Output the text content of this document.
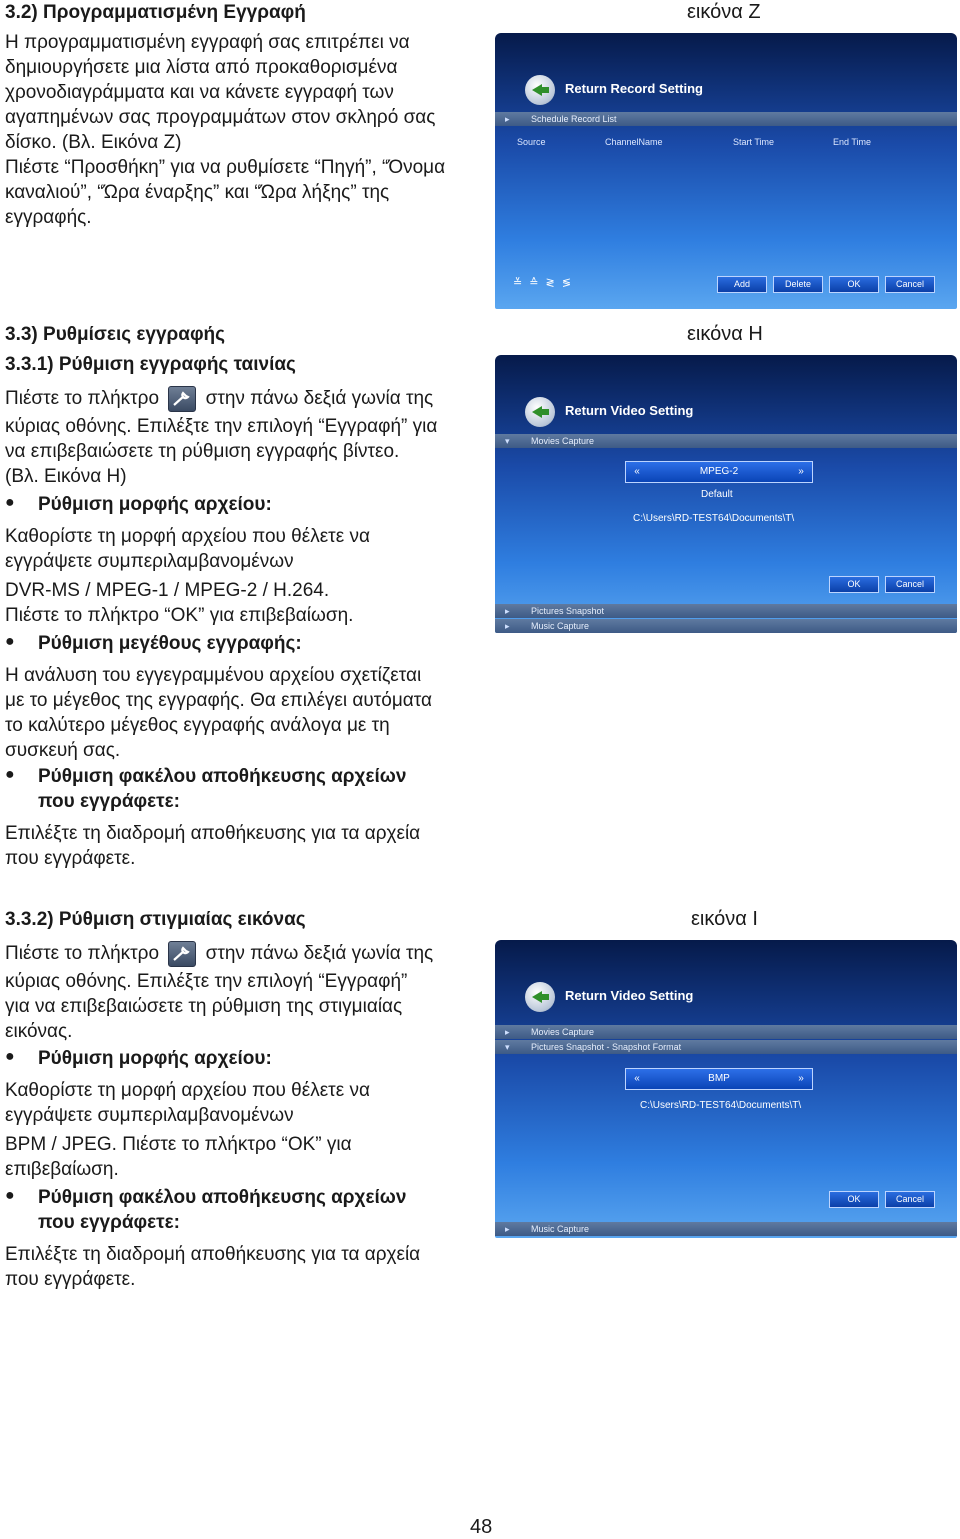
3.2) Προγραμματισμένη Εγγραφή	εικόνα Ζ
Η προγραμματισμένη εγγραφή σας επιτρέπει να
δημιουργήσετε μια λίστα από προκαθορισμένα
χρονοδιαγράμματα και να κάνετε εγγραφή των
αγαπημένων σας προγραμμάτων στον σκληρό σας
δίσκο. (Βλ. Εικόνα Ζ)
Πιέστε “Προσθήκη” για να ρυθμίσετε “Πηγή”, “Όνομα
καναλιού”, “Ώρα έναρξης” και “Ώρα λήξης” της
εγγραφής.
Return Record Setting
▸ Schedule Record List
Source	ChannelName	Start Time	End Time
≚ ≙ ≷ ≶	Add	Delete	OK	Cancel
3.3) Ρυθμίσεις εγγραφής	εικόνα Η
3.3.1) Ρύθμιση εγγραφής ταινίας
Πιέστε το πλήκτρο στην πάνω δεξιά γωνία της
κύριας οθόνης. Επιλέξτε την επιλογή “Εγγραφή” για
να επιβεβαιώσετε τη ρύθμιση εγγραφής βίντεο.
(Βλ. Εικόνα Η)
● Ρύθμιση μορφής αρχείου:
Καθορίστε τη μορφή αρχείου που θέλετε να
εγγράψετε συμπεριλαμβανομένων
DVR-MS / MPEG-1 / MPEG-2 / H.264.
Πιέστε το πλήκτρο “OK” για επιβεβαίωση.
● Ρύθμιση μεγέθους εγγραφής:
Η ανάλυση του εγγεγραμμένου αρχείου σχετίζεται
με το μέγεθος της εγγραφής. Θα επιλέγει αυτόματα
το καλύτερο μέγεθος εγγραφής ανάλογα με τη
συσκευή σας.
● Ρύθμιση φακέλου αποθήκευσης αρχείων
που εγγράφετε:
Επιλέξτε τη διαδρομή αποθήκευσης για τα αρχεία
που εγγράφετε.
Return Video Setting
▾ Movies Capture
«	MPEG-2	»
Default
C:\Users\RD-TEST64\Documents\T\
OK	Cancel
▸ Pictures Snapshot
▸ Music Capture
3.3.2) Ρύθμιση στιγμιαίας εικόνας	εικόνα Ι
Πιέστε το πλήκτρο στην πάνω δεξιά γωνία της
κύριας οθόνης. Επιλέξτε την επιλογή “Εγγραφή”
για να επιβεβαιώσετε τη ρύθμιση της στιγμιαίας
εικόνας.
● Ρύθμιση μορφής αρχείου:
Καθορίστε τη μορφή αρχείου που θέλετε να
εγγράψετε συμπεριλαμβανομένων
BPM / JPEG. Πιέστε το πλήκτρο “OK” για
επιβεβαίωση.
● Ρύθμιση φακέλου αποθήκευσης αρχείων
που εγγράφετε:
Επιλέξτε τη διαδρομή αποθήκευσης για τα αρχεία
που εγγράφετε.
Return Video Setting
▸ Movies Capture
▾ Pictures Snapshot - Snapshot Format
«	BMP	»
C:\Users\RD-TEST64\Documents\T\
OK	Cancel
▸ Music Capture
48
